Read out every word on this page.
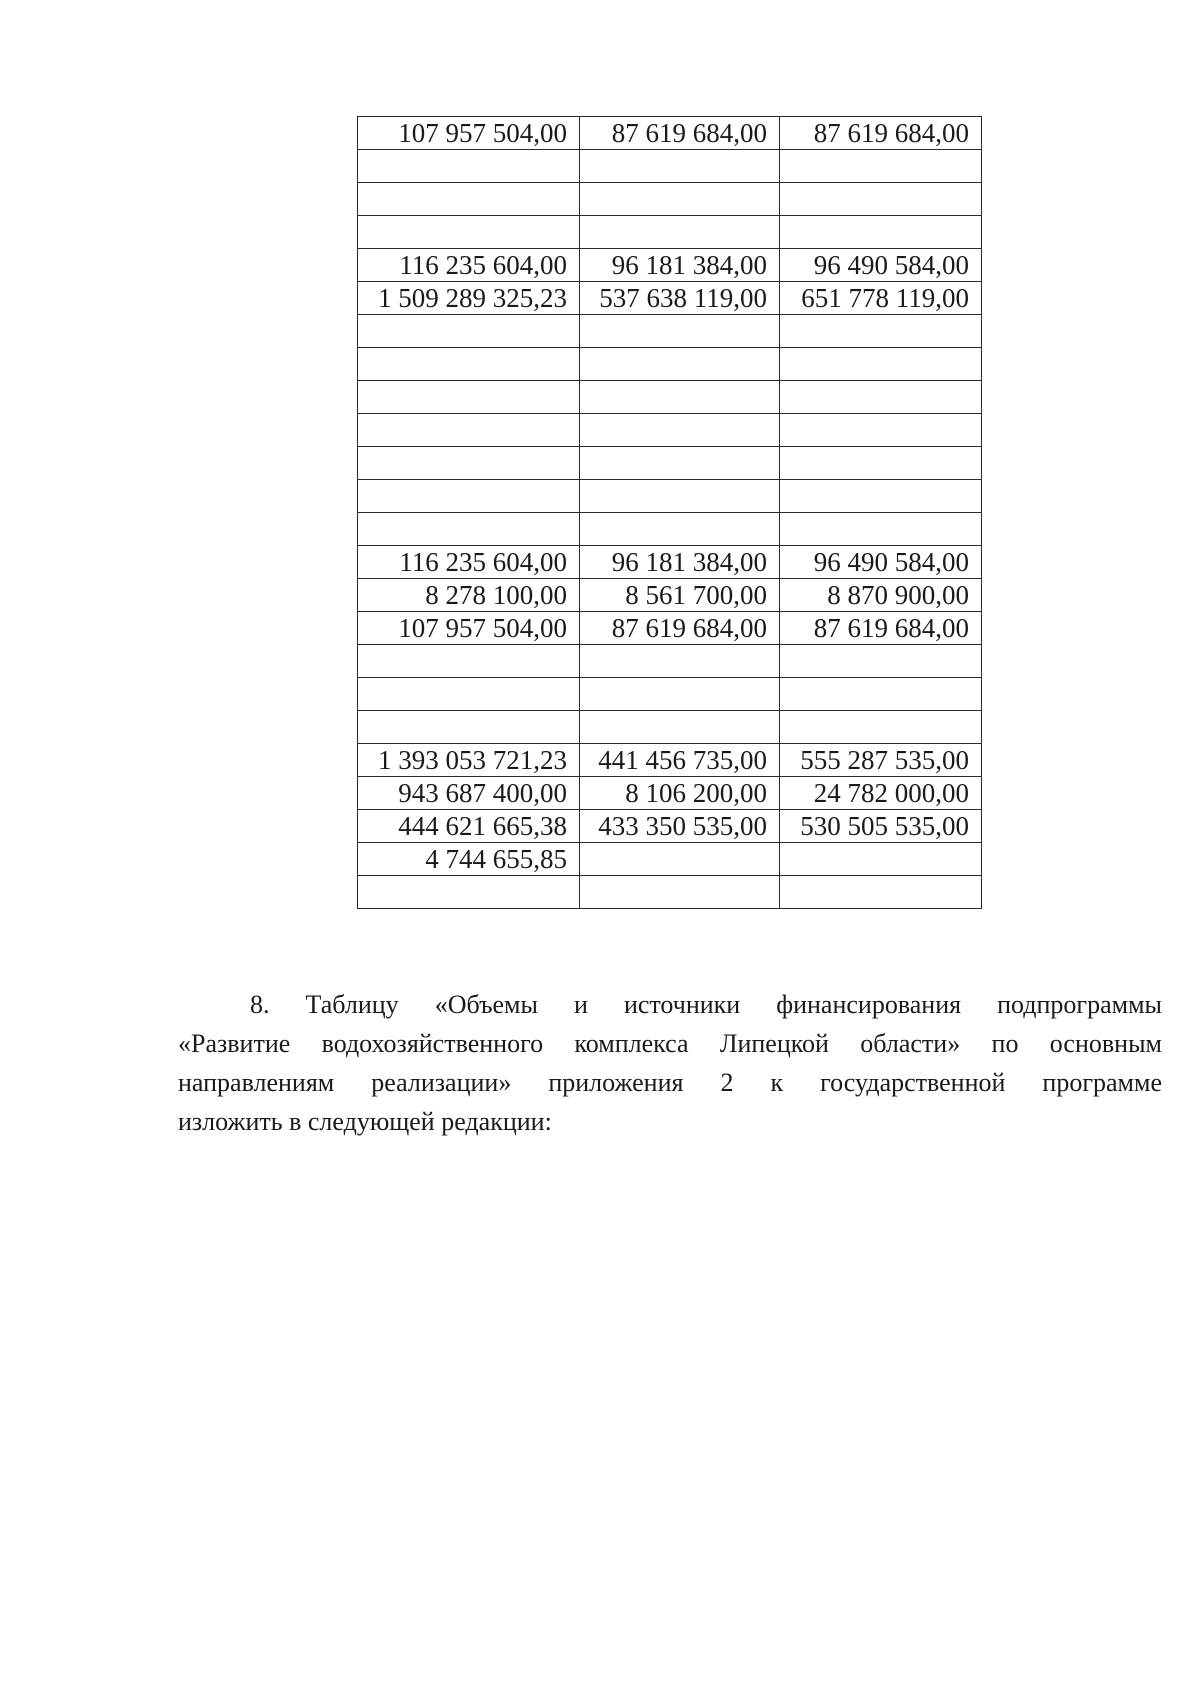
107 957 504,00	87 619 684,00	87 619 684,00

116 235 604,00	96 181 384,00	96 490 584,00
1 509 289 325,23	537 638 119,00	651 778 119,00

116 235 604,00	96 181 384,00	96 490 584,00
8 278 100,00	8 561 700,00	8 870 900,00
107 957 504,00	87 619 684,00	87 619 684,00

1 393 053 721,23	441 456 735,00	555 287 535,00
943 687 400,00	8 106 200,00	24 782 000,00
444 621 665,38	433 350 535,00	530 505 535,00
4 744 655,85		

8. Таблицу «Объемы и источники финансирования подпрограммы
«Развитие водохозяйственного комплекса Липецкой области» по основным
направлениям реализации» приложения 2 к государственной программе
изложить в следующей редакции:
